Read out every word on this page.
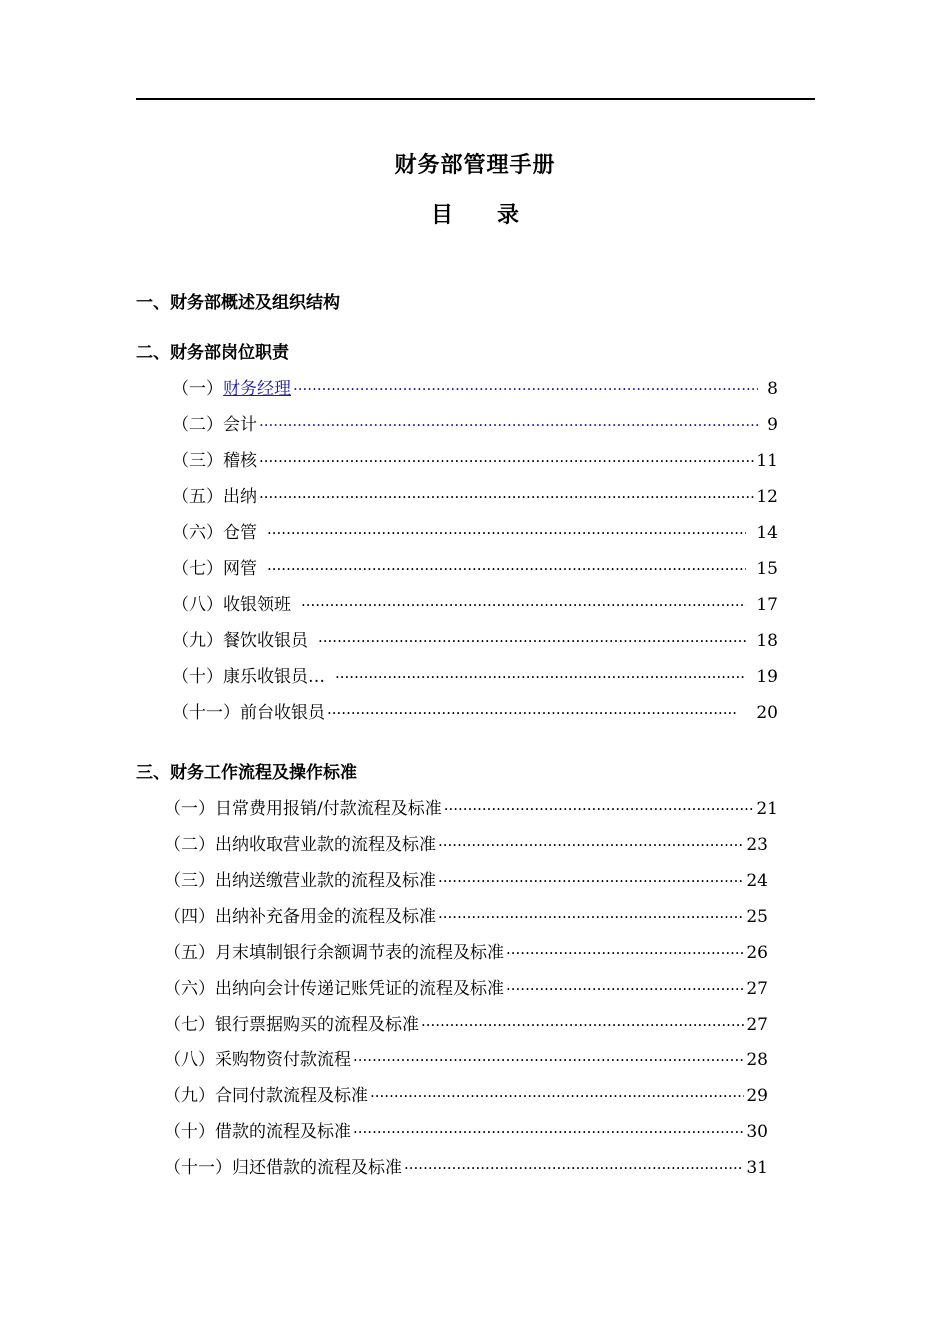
财务部管理手册
目 录
一、财务部概述及组织结构
二、财务部岗位职责
（一）财务经理 ·····	8
（二）会计 ·····	9
（三）稽核 ·····	11
（五）出纳 ·····	12
（六）仓管 ·····	14
（七）网管 ·····	15
（八）收银领班 ·····	17
（九）餐饮收银员 ·····	18
（十）康乐收银员… ·····	19
（十一）前台收银员 ·····	20
三、财务工作流程及操作标准
（一）日常费用报销/付款流程及标准 ·····	21
（二）出纳收取营业款的流程及标准 ·····	23
（三）出纳送缴营业款的流程及标准 ·····	24
（四）出纳补充备用金的流程及标准 ·····	25
（五）月末填制银行余额调节表的流程及标准 ·····	26
（六）出纳向会计传递记账凭证的流程及标准 ·····	27
（七）银行票据购买的流程及标准 ·····	27
（八）采购物资付款流程 ·····	28
（九）合同付款流程及标准 ·····	29
（十）借款的流程及标准 ·····	30
（十一）归还借款的流程及标准 ·····	31
